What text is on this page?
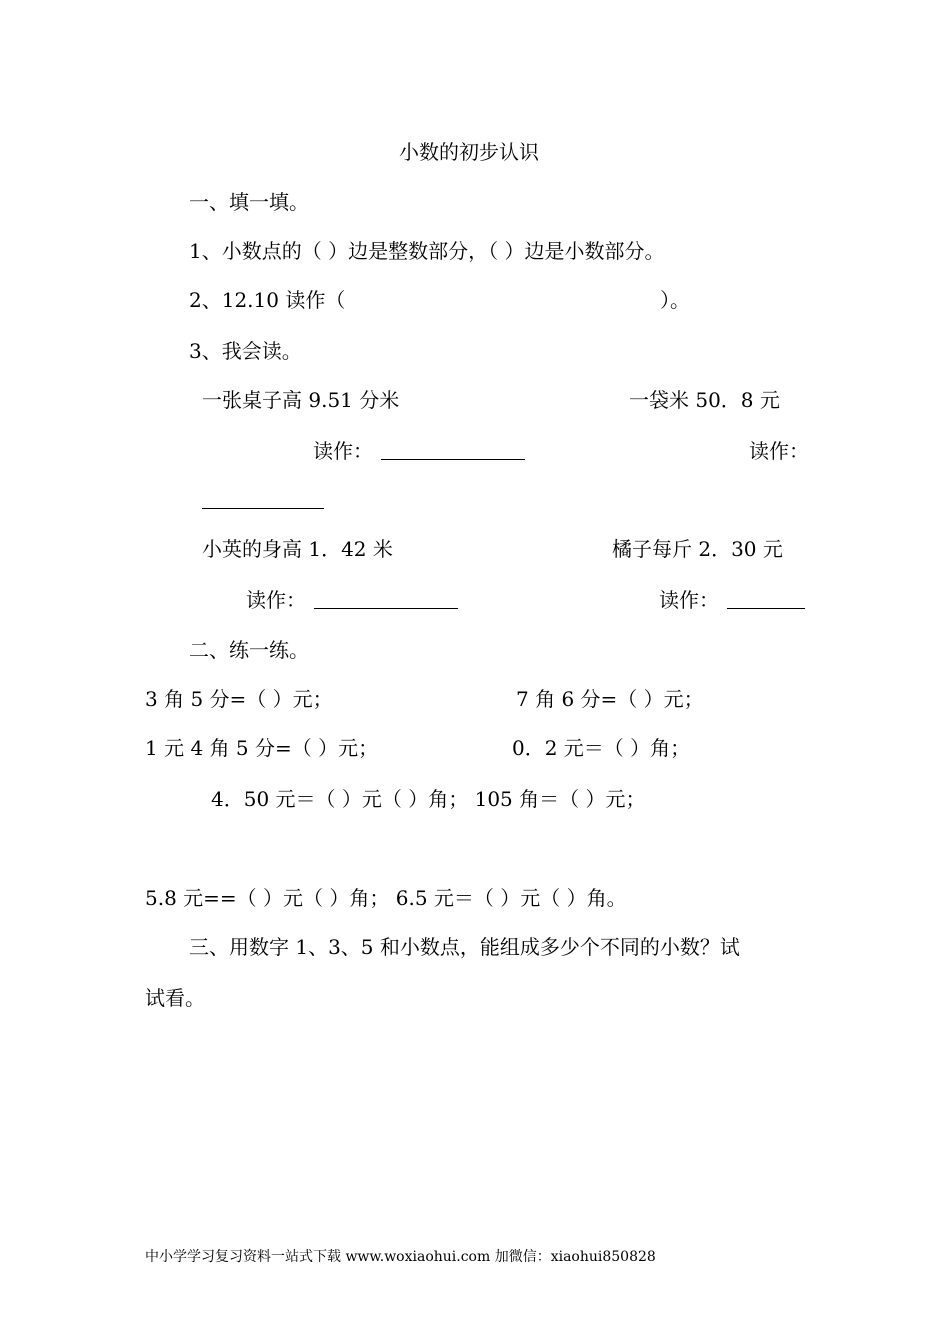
小数的初步认识
一、填一填。
1、小数点的（ ）边是整数部分，（ ）边是小数部分。
2、12.10 读作（	）。
3、我会读。
一张桌子高 9.51 分米	一袋米 50．8 元
读作：	读作：
小英的身高 1．42 米	橘子每斤 2．30 元
读作：	读作：
二、练一练。
3 角 5 分=（ ）元；	7 角 6 分=（ ）元；
1 元 4 角 5 分=（ ）元；	0．2 元＝（ ）角；
4．50 元＝（ ）元（ ）角； 105 角＝（ ）元；
5.8 元==（ ）元（ ）角； 6.5 元＝（ ）元（ ）角。
三、用数字 1、3、5 和小数点，能组成多少个不同的小数？试
试看。
中小学学习复习资料一站式下载 www.woxiaohui.com 加微信：xiaohui850828
